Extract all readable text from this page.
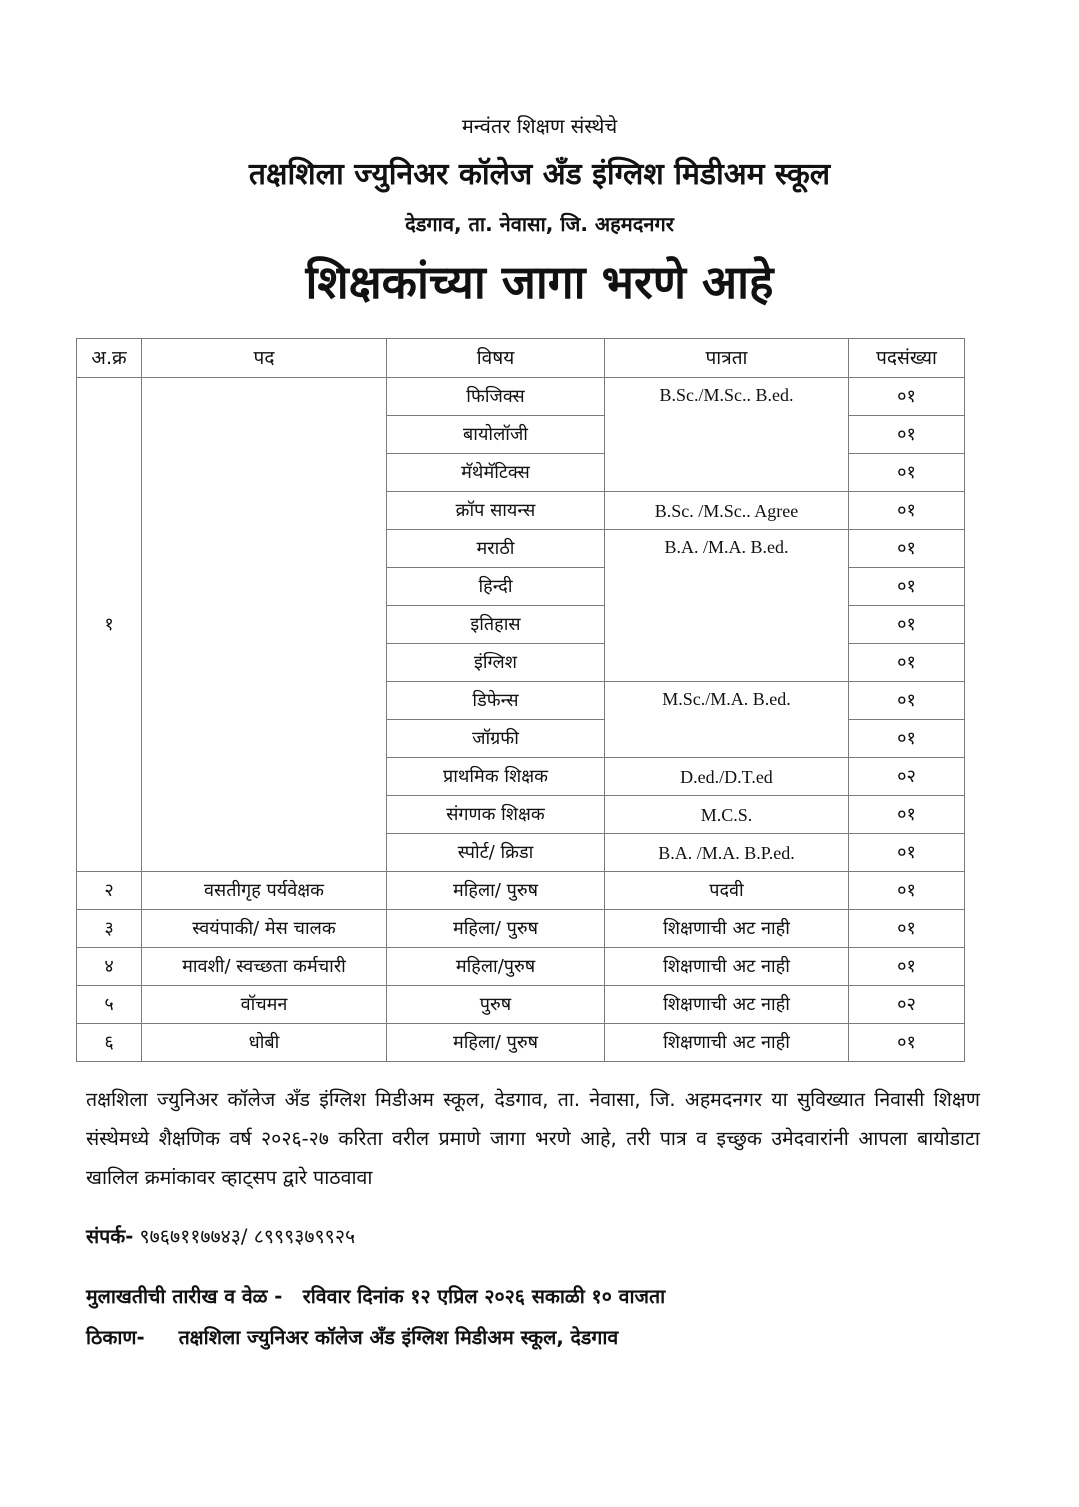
मन्वंतर शिक्षण संस्थेचे
तक्षशिला ज्युनिअर कॉलेज अँड इंग्लिश मिडीअम स्कूल
देडगाव, ता. नेवासा, जि. अहमदनगर
शिक्षकांच्या जागा भरणे आहे
अ.क्र	पद	विषय	पात्रता	पदसंख्या
१		फिजिक्स	B.Sc./M.Sc.. B.ed.	०१
		बायोलॉजी		०१
		मॅथेमॅटिक्स		०१
		क्रॉप सायन्स	B.Sc. /M.Sc.. Agree	०१
		मराठी	B.A. /M.A. B.ed.	०१
		हिन्दी		०१
		इतिहास		०१
		इंग्लिश		०१
		डिफेन्स	M.Sc./M.A. B.ed.	०१
		जॉग्रफी		०१
		प्राथमिक शिक्षक	D.ed./D.T.ed	०२
		संगणक शिक्षक	M.C.S.	०१
		स्पोर्ट/ क्रिडा	B.A. /M.A. B.P.ed.	०१
२	वसतीगृह पर्यवेक्षक	महिला/ पुरुष	पदवी	०१
३	स्वयंपाकी/ मेस चालक	महिला/ पुरुष	शिक्षणाची अट नाही	०१
४	मावशी/ स्वच्छता कर्मचारी	महिला/पुरुष	शिक्षणाची अट नाही	०१
५	वॉचमन	पुरुष	शिक्षणाची अट नाही	०२
६	धोबी	महिला/ पुरुष	शिक्षणाची अट नाही	०१
तक्षशिला ज्युनिअर कॉलेज अँड इंग्लिश मिडीअम स्कूल, देडगाव, ता. नेवासा, जि. अहमदनगर या सुविख्यात निवासी शिक्षण संस्थेमध्ये शैक्षणिक वर्ष २०२६-२७ करिता वरील प्रमाणे जागा भरणे आहे, तरी पात्र व इच्छुक उमेदवारांनी आपला बायोडाटा खालिल क्रमांकावर व्हाट्सप द्वारे पाठवावा
संपर्क- ९७६७११७७४३/ ८९९९३७९९२५
मुलाखतीची तारीख व वेळ - रविवार दिनांक १२ एप्रिल २०२६ सकाळी १० वाजता
ठिकाण- तक्षशिला ज्युनिअर कॉलेज अँड इंग्लिश मिडीअम स्कूल, देडगाव
